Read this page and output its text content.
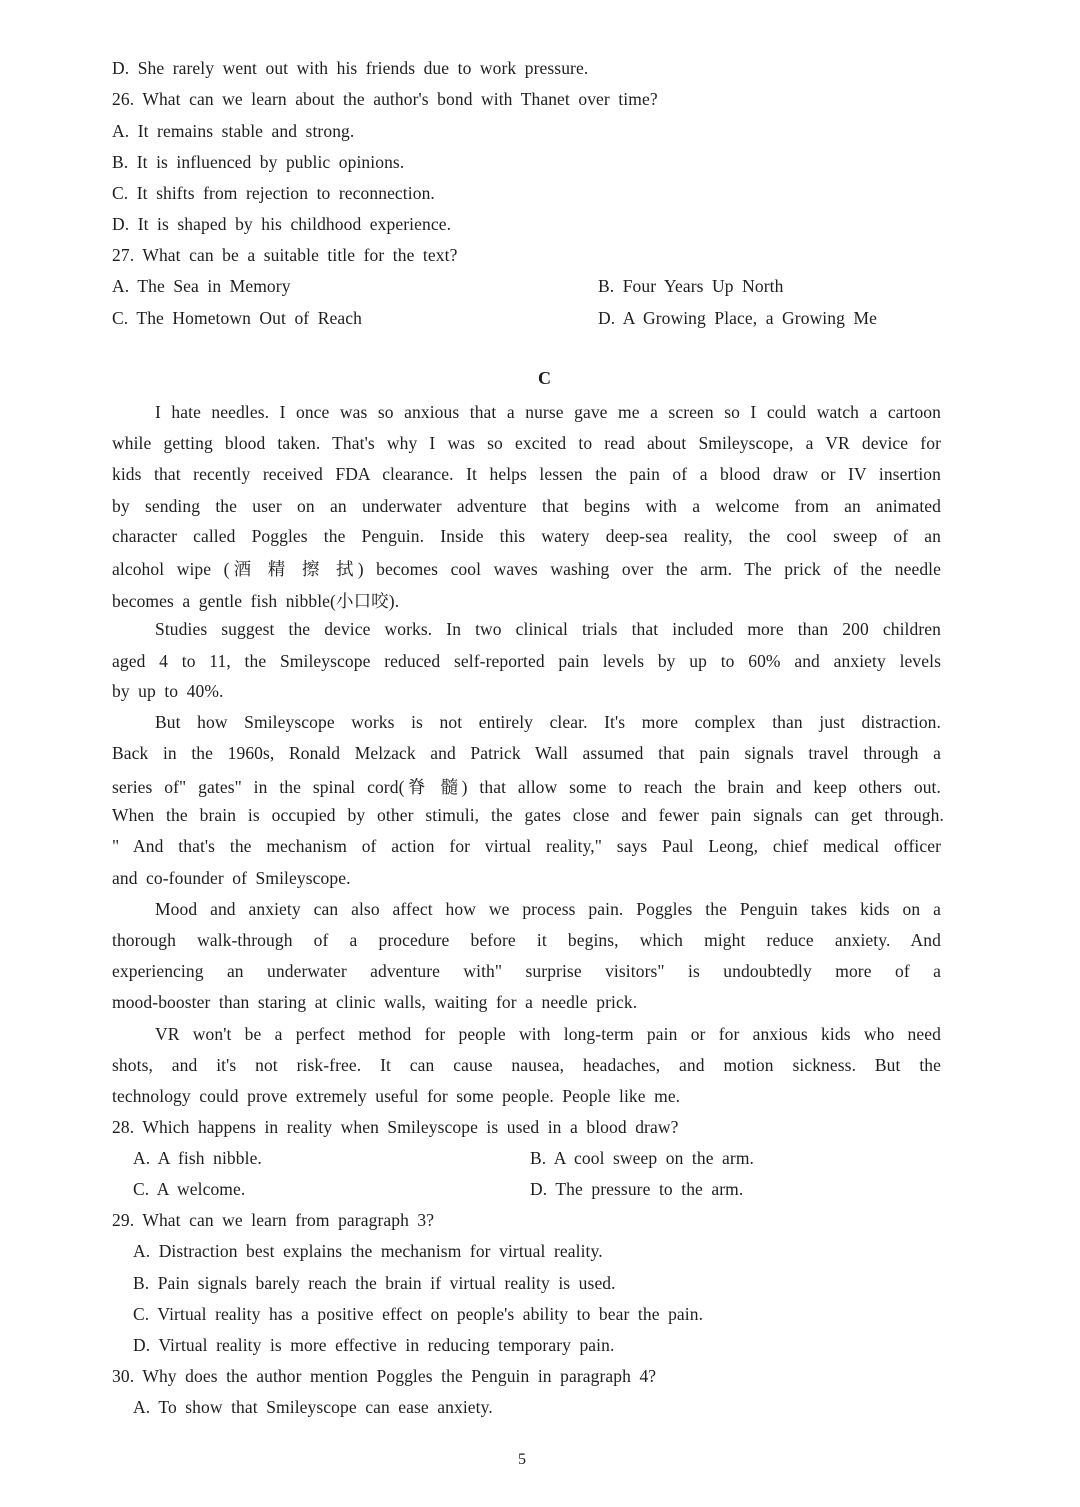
D. She rarely went out with his friends due to work pressure.
26. What can we learn about the author's bond with Thanet over time?
A. It remains stable and strong.
B. It is influenced by public opinions.
C. It shifts from rejection to reconnection.
D. It is shaped by his childhood experience.
27. What can be a suitable title for the text?
A. The Sea in Memory	B. Four Years Up North
C. The Hometown Out of Reach	D. A Growing Place, a Growing Me
C
I hate needles. I once was so anxious that a nurse gave me a screen so I could watch a cartoon
while getting blood taken. That's why I was so excited to read about Smileyscope, a VR device for
kids that recently received FDA clearance. It helps lessen the pain of a blood draw or IV insertion
by sending the user on an underwater adventure that begins with a welcome from an animated
character called Poggles the Penguin. Inside this watery deep-sea reality, the cool sweep of an
alcohol wipe (酒 精 擦 拭) becomes cool waves washing over the arm. The prick of the needle
becomes a gentle fish nibble(小口咬).
Studies suggest the device works. In two clinical trials that included more than 200 children
aged 4 to 11, the Smileyscope reduced self-reported pain levels by up to 60% and anxiety levels
by up to 40%.
But how Smileyscope works is not entirely clear. It's more complex than just distraction.
Back in the 1960s, Ronald Melzack and Patrick Wall assumed that pain signals travel through a
series of" gates" in the spinal cord(脊 髓) that allow some to reach the brain and keep others out.
When the brain is occupied by other stimuli, the gates close and fewer pain signals can get through.
" And that's the mechanism of action for virtual reality," says Paul Leong, chief medical officer
and co-founder of Smileyscope.
Mood and anxiety can also affect how we process pain. Poggles the Penguin takes kids on a
thorough walk-through of a procedure before it begins, which might reduce anxiety. And
experiencing an underwater adventure with" surprise visitors" is undoubtedly more of a
mood-booster than staring at clinic walls, waiting for a needle prick.
VR won't be a perfect method for people with long-term pain or for anxious kids who need
shots, and it's not risk-free. It can cause nausea, headaches, and motion sickness. But the
technology could prove extremely useful for some people. People like me.
28. Which happens in reality when Smileyscope is used in a blood draw?
A. A fish nibble.	B. A cool sweep on the arm.
C. A welcome.	D. The pressure to the arm.
29. What can we learn from paragraph 3?
A. Distraction best explains the mechanism for virtual reality.
B. Pain signals barely reach the brain if virtual reality is used.
C. Virtual reality has a positive effect on people's ability to bear the pain.
D. Virtual reality is more effective in reducing temporary pain.
30. Why does the author mention Poggles the Penguin in paragraph 4?
A. To show that Smileyscope can ease anxiety.
5
